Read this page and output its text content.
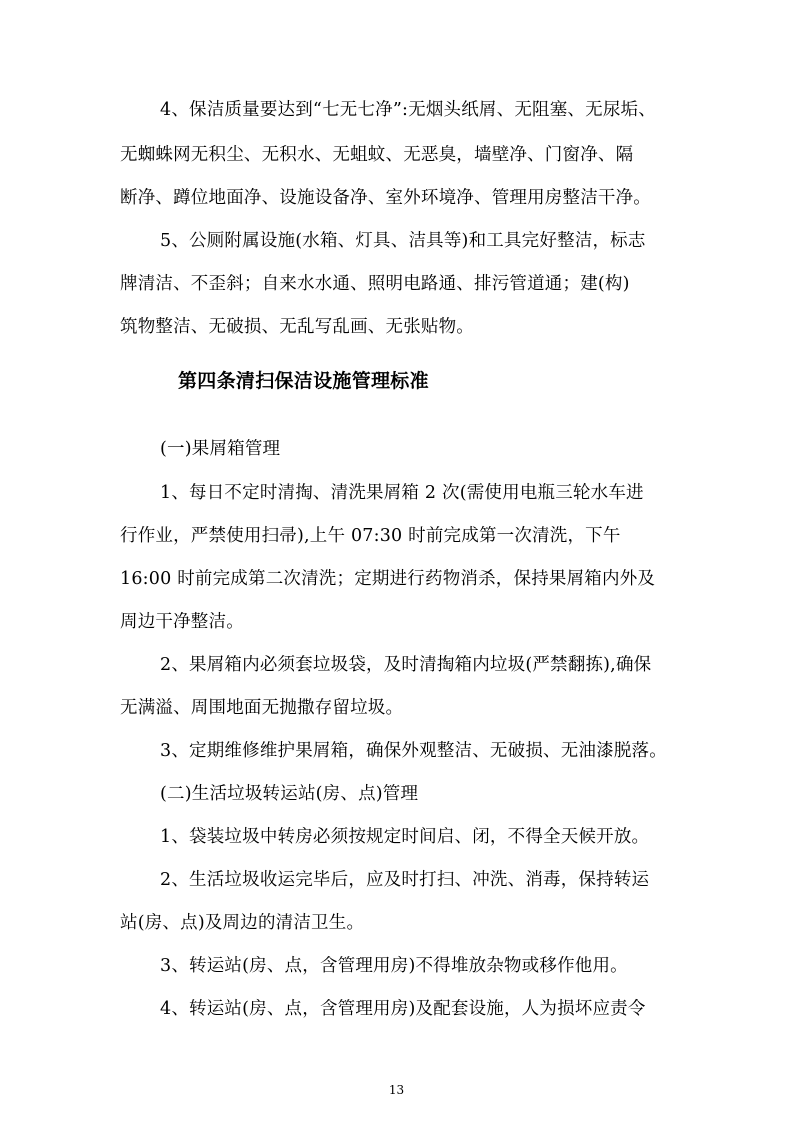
4、保洁质量要达到“七无七净”:无烟头纸屑、无阻塞、无尿垢、
无蜘蛛网无积尘、无积水、无蛆蚊、无恶臭，墙壁净、门窗净、隔
断净、蹲位地面净、设施设备净、室外环境净、管理用房整洁干净。
5、公厕附属设施(水箱、灯具、洁具等)和工具完好整洁，标志
牌清洁、不歪斜；自来水水通、照明电路通、排污管道通；建(构)
筑物整洁、无破损、无乱写乱画、无张贴物。
第四条清扫保洁设施管理标准
(一)果屑箱管理
1、每日不定时清掏、清洗果屑箱 2 次(需使用电瓶三轮水车进
行作业，严禁使用扫帚),上午 07:30 时前完成第一次清洗，下午
16:00 时前完成第二次清洗；定期进行药物消杀，保持果屑箱内外及
周边干净整洁。
2、果屑箱内必须套垃圾袋，及时清掏箱内垃圾(严禁翻拣),确保
无满溢、周围地面无抛撒存留垃圾。
3、定期维修维护果屑箱，确保外观整洁、无破损、无油漆脱落。
(二)生活垃圾转运站(房、点)管理
1、袋装垃圾中转房必须按规定时间启、闭，不得全天候开放。
2、生活垃圾收运完毕后，应及时打扫、冲洗、消毒，保持转运
站(房、点)及周边的清洁卫生。
3、转运站(房、点，含管理用房)不得堆放杂物或移作他用。
4、转运站(房、点，含管理用房)及配套设施，人为损坏应责令
13
